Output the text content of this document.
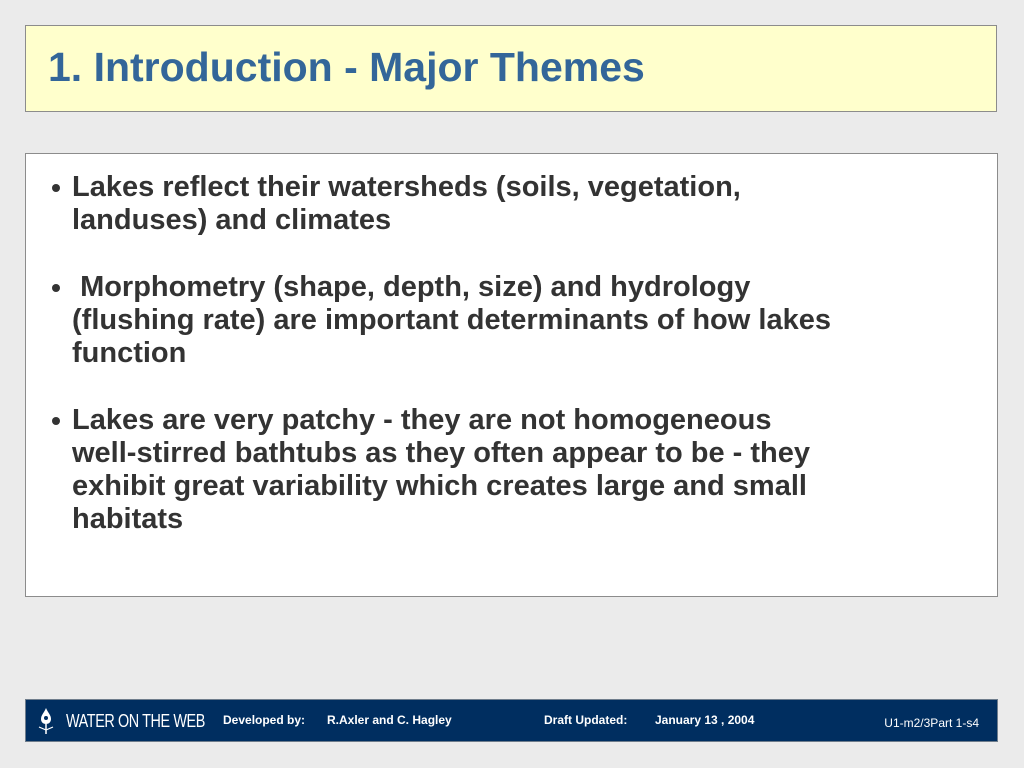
1. Introduction - Major Themes
Lakes reflect their watersheds (soils, vegetation,
landuses) and climates
Morphometry (shape, depth, size) and hydrology
(flushing rate) are important determinants of how lakes
function
Lakes are very patchy - they are not homogeneous
well-stirred bathtubs as they often appear to be - they
exhibit great variability which creates large and small
habitats
WATER ON THE WEB Developed by: R.Axler and C. Hagley	Draft Updated: January 13 , 2004	U1-m2/3Part 1-s4
